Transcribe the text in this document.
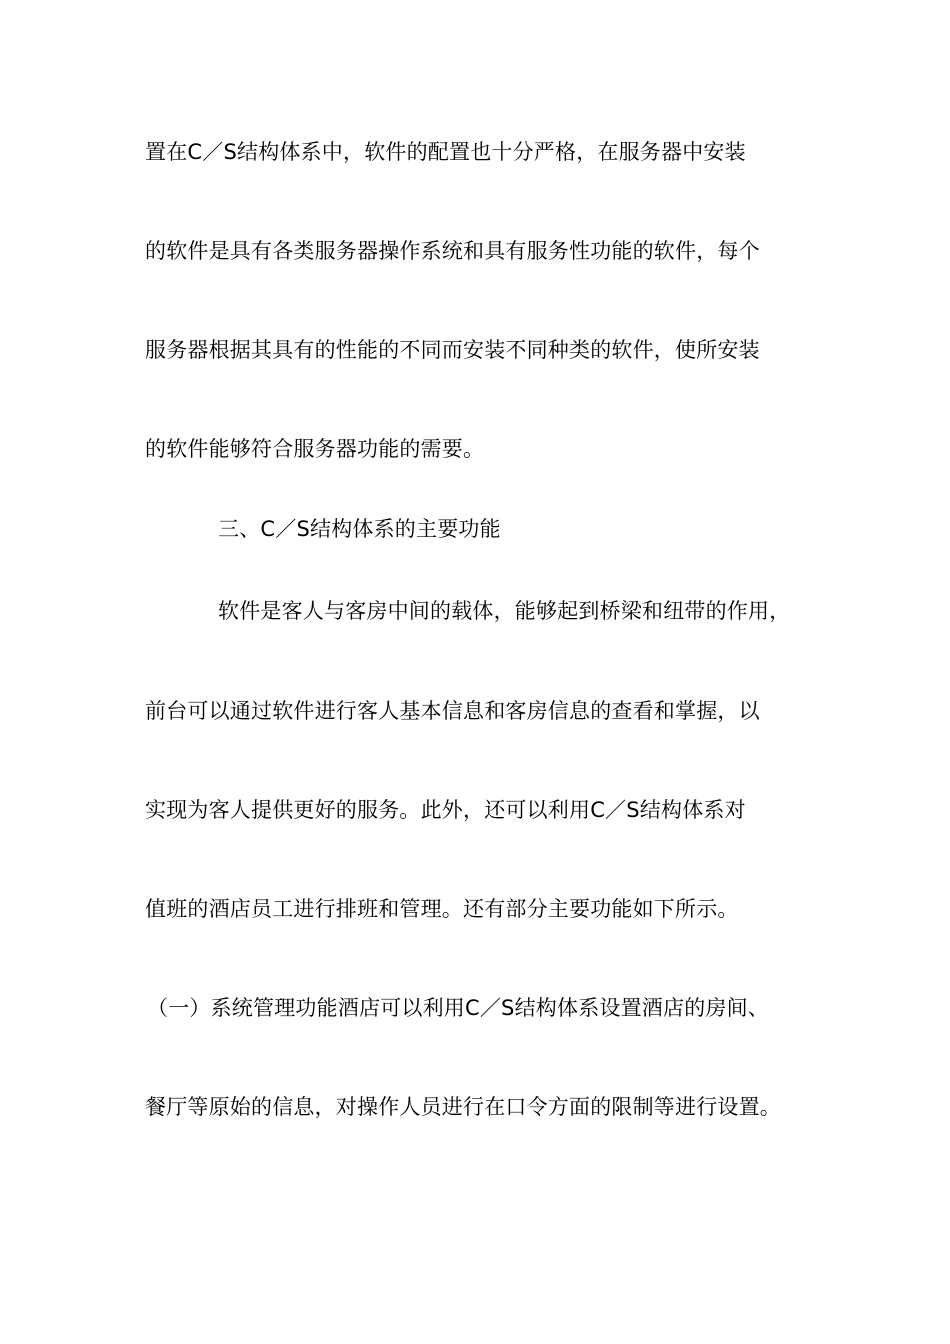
置在C／S结构体系中，软件的配置也十分严格，在服务器中安装
的软件是具有各类服务器操作系统和具有服务性功能的软件，每个
服务器根据其具有的性能的不同而安装不同种类的软件，使所安装
的软件能够符合服务器功能的需要。
三、C／S结构体系的主要功能
软件是客人与客房中间的载体，能够起到桥梁和纽带的作用，
前台可以通过软件进行客人基本信息和客房信息的查看和掌握，以
实现为客人提供更好的服务。此外，还可以利用C／S结构体系对
值班的酒店员工进行排班和管理。还有部分主要功能如下所示。
（一）系统管理功能酒店可以利用C／S结构体系设置酒店的房间、
餐厅等原始的信息，对操作人员进行在口令方面的限制等进行设置。
